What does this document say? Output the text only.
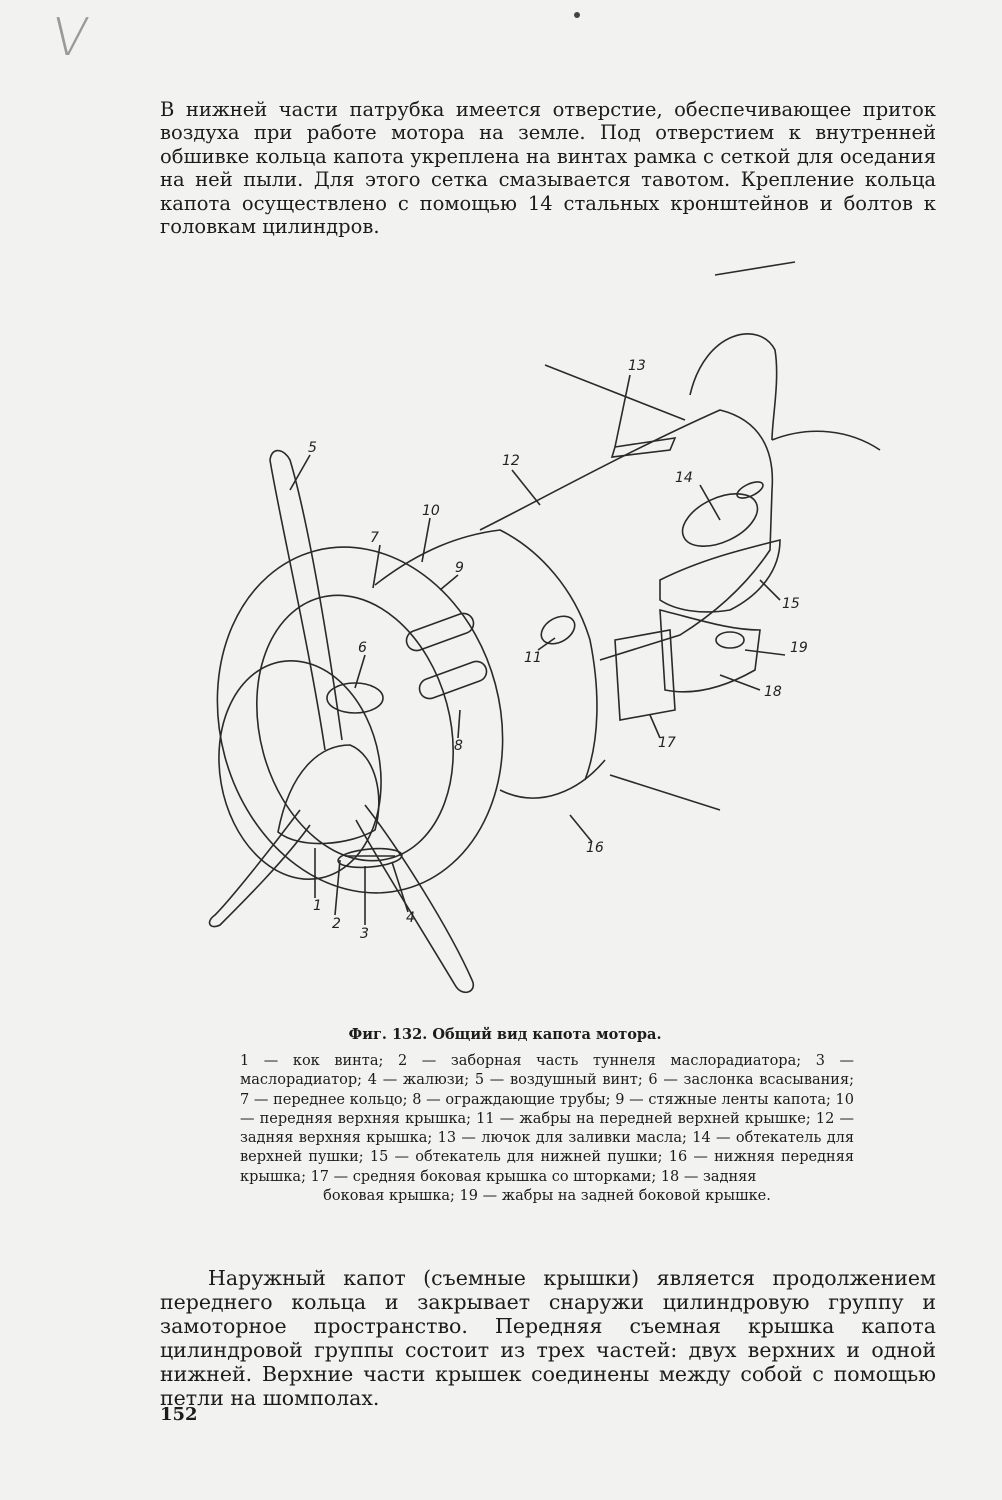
V

В нижней части патрубка имеется отверстие, обеспечивающее приток воздуха при работе мотора на земле. Под отверстием к внутренней обшивке кольца капота укреплена на винтах рамка с сеткой для оседания на ней пыли. Для этого сетка смазывается тавотом. Крепление кольца капота осуществлено с помощью 14 стальных кронштейнов и болтов к головкам цилиндров.

5
7
10
9
13
12
14
15
19
18
17
16
11
8
6
1
2
3
4

Фиг. 132. Общий вид капота мотора.

1 — кок винта; 2 — заборная часть туннеля маслорадиатора; 3 — маслорадиатор; 4 — жалюзи; 5 — воздушный винт; 6 — заслонка всасывания; 7 — переднее кольцо; 8 — ограждающие трубы; 9 — стяжные ленты капота; 10 — передняя верхняя крышка; 11 — жабры на передней верхней крышке; 12 — задняя верхняя крышка; 13 — лючок для заливки масла; 14 — обтекатель для верхней пушки; 15 — обтекатель для нижней пушки; 16 — нижняя передняя крышка; 17 — средняя боковая крышка со шторками; 18 — задняя
боковая крышка; 19 — жабры на задней боковой крышке.

Наружный капот (съемные крышки) является продолжением переднего кольца и закрывает снаружи цилиндровую группу и замоторное пространство. Передняя съемная крышка капота цилиндровой группы состоит из трех частей: двух верхних и одной нижней. Верхние части крышек соединены между собой с помощью петли на шомполах.

152
